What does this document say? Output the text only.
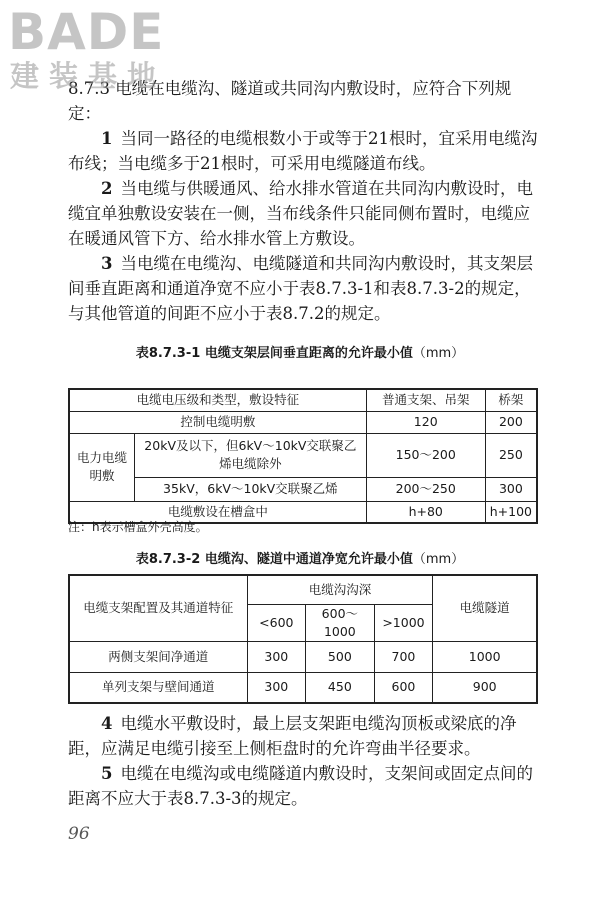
BADE
建装基地
8.7.3 电缆在电缆沟、隧道或共同沟内敷设时，应符合下列规定：
1 当同一路径的电缆根数小于或等于21根时，宜采用电缆沟布线；当电缆多于21根时，可采用电缆隧道布线。
2 当电缆与供暖通风、给水排水管道在共同沟内敷设时，电缆宜单独敷设安装在一侧，当布线条件只能同侧布置时，电缆应在暖通风管下方、给水排水管上方敷设。
3 当电缆在电缆沟、电缆隧道和共同沟内敷设时，其支架层间垂直距离和通道净宽不应小于表8.7.3-1和表8.7.3-2的规定，与其他管道的间距不应小于表8.7.2的规定。
表8.7.3-1 电缆支架层间垂直距离的允许最小值（mm）
电缆电压级和类型，敷设特征		普通支架、吊架	桥架
控制电缆明敷		120	200
电力电缆明敷	20kV及以下，但6kV～10kV交联聚乙烯电缆除外	150～200	250
	35kV，6kV～10kV交联聚乙烯	200～250	300
电缆敷设在槽盒中		h+80	h+100
注：h表示槽盒外壳高度。
表8.7.3-2 电缆沟、隧道中通道净宽允许最小值（mm）
电缆支架配置及其通道特征	电缆沟沟深			电缆隧道
	<600	600～1000	>1000	
两侧支架间净通道	300	500	700	1000
单列支架与壁间通道	300	450	600	900
4 电缆水平敷设时，最上层支架距电缆沟顶板或梁底的净距，应满足电缆引接至上侧柜盘时的允许弯曲半径要求。
5 电缆在电缆沟或电缆隧道内敷设时，支架间或固定点间的距离不应大于表8.7.3-3的规定。
96
